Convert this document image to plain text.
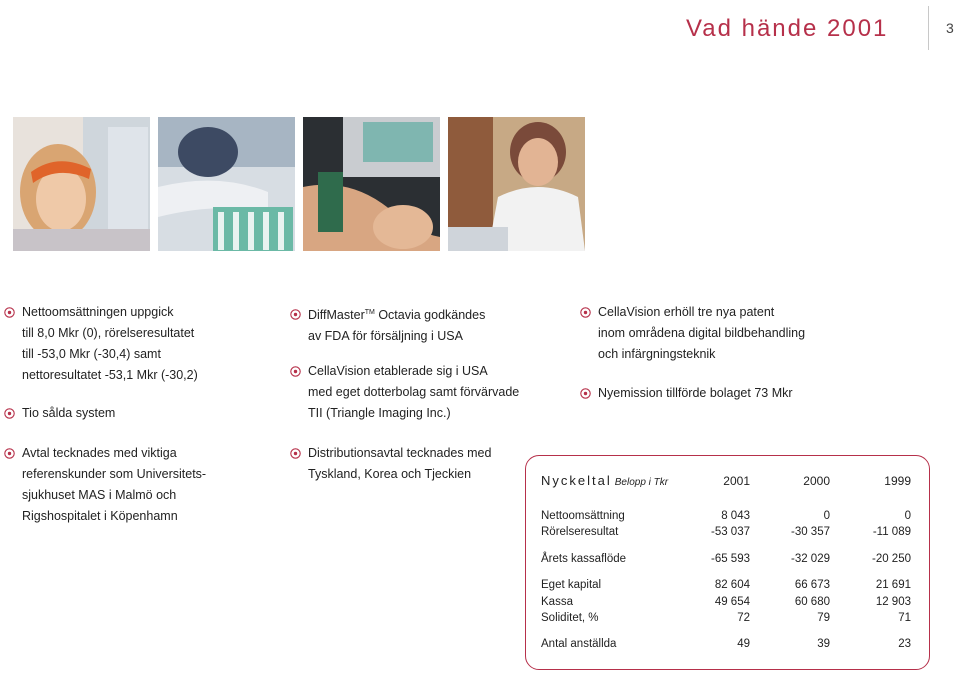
Vad hände 2001	3
Nettoomsättningen uppgick
till 8,0 Mkr (0), rörelseresultatet
till -53,0 Mkr (-30,4) samt
nettoresultatet -53,1 Mkr (-30,2)
Tio sålda system
Avtal tecknades med viktiga
referenskunder som Universitets-
sjukhuset MAS i Malmö och
Rigshospitalet i Köpenhamn
DiffMaster™ Octavia godkändes
av FDA för försäljning i USA
CellaVision etablerade sig i USA
med eget dotterbolag samt förvärvade
TII (Triangle Imaging Inc.)
Distributionsavtal tecknades med
Tyskland, Korea och Tjeckien
CellaVision erhöll tre nya patent
inom områdena digital bildbehandling
och infärgningsteknik
Nyemission tillförde bolaget 73 Mkr
Nyckeltal Belopp i Tkr	2001	2000	1999
Nettoomsättning	8 043	0	0
Rörelseresultat	-53 037	-30 357	-11 089
Årets kassaflöde	-65 593	-32 029	-20 250
Eget kapital	82 604	66 673	21 691
Kassa	49 654	60 680	12 903
Soliditet, %	72	79	71
Antal anställda	49	39	23
